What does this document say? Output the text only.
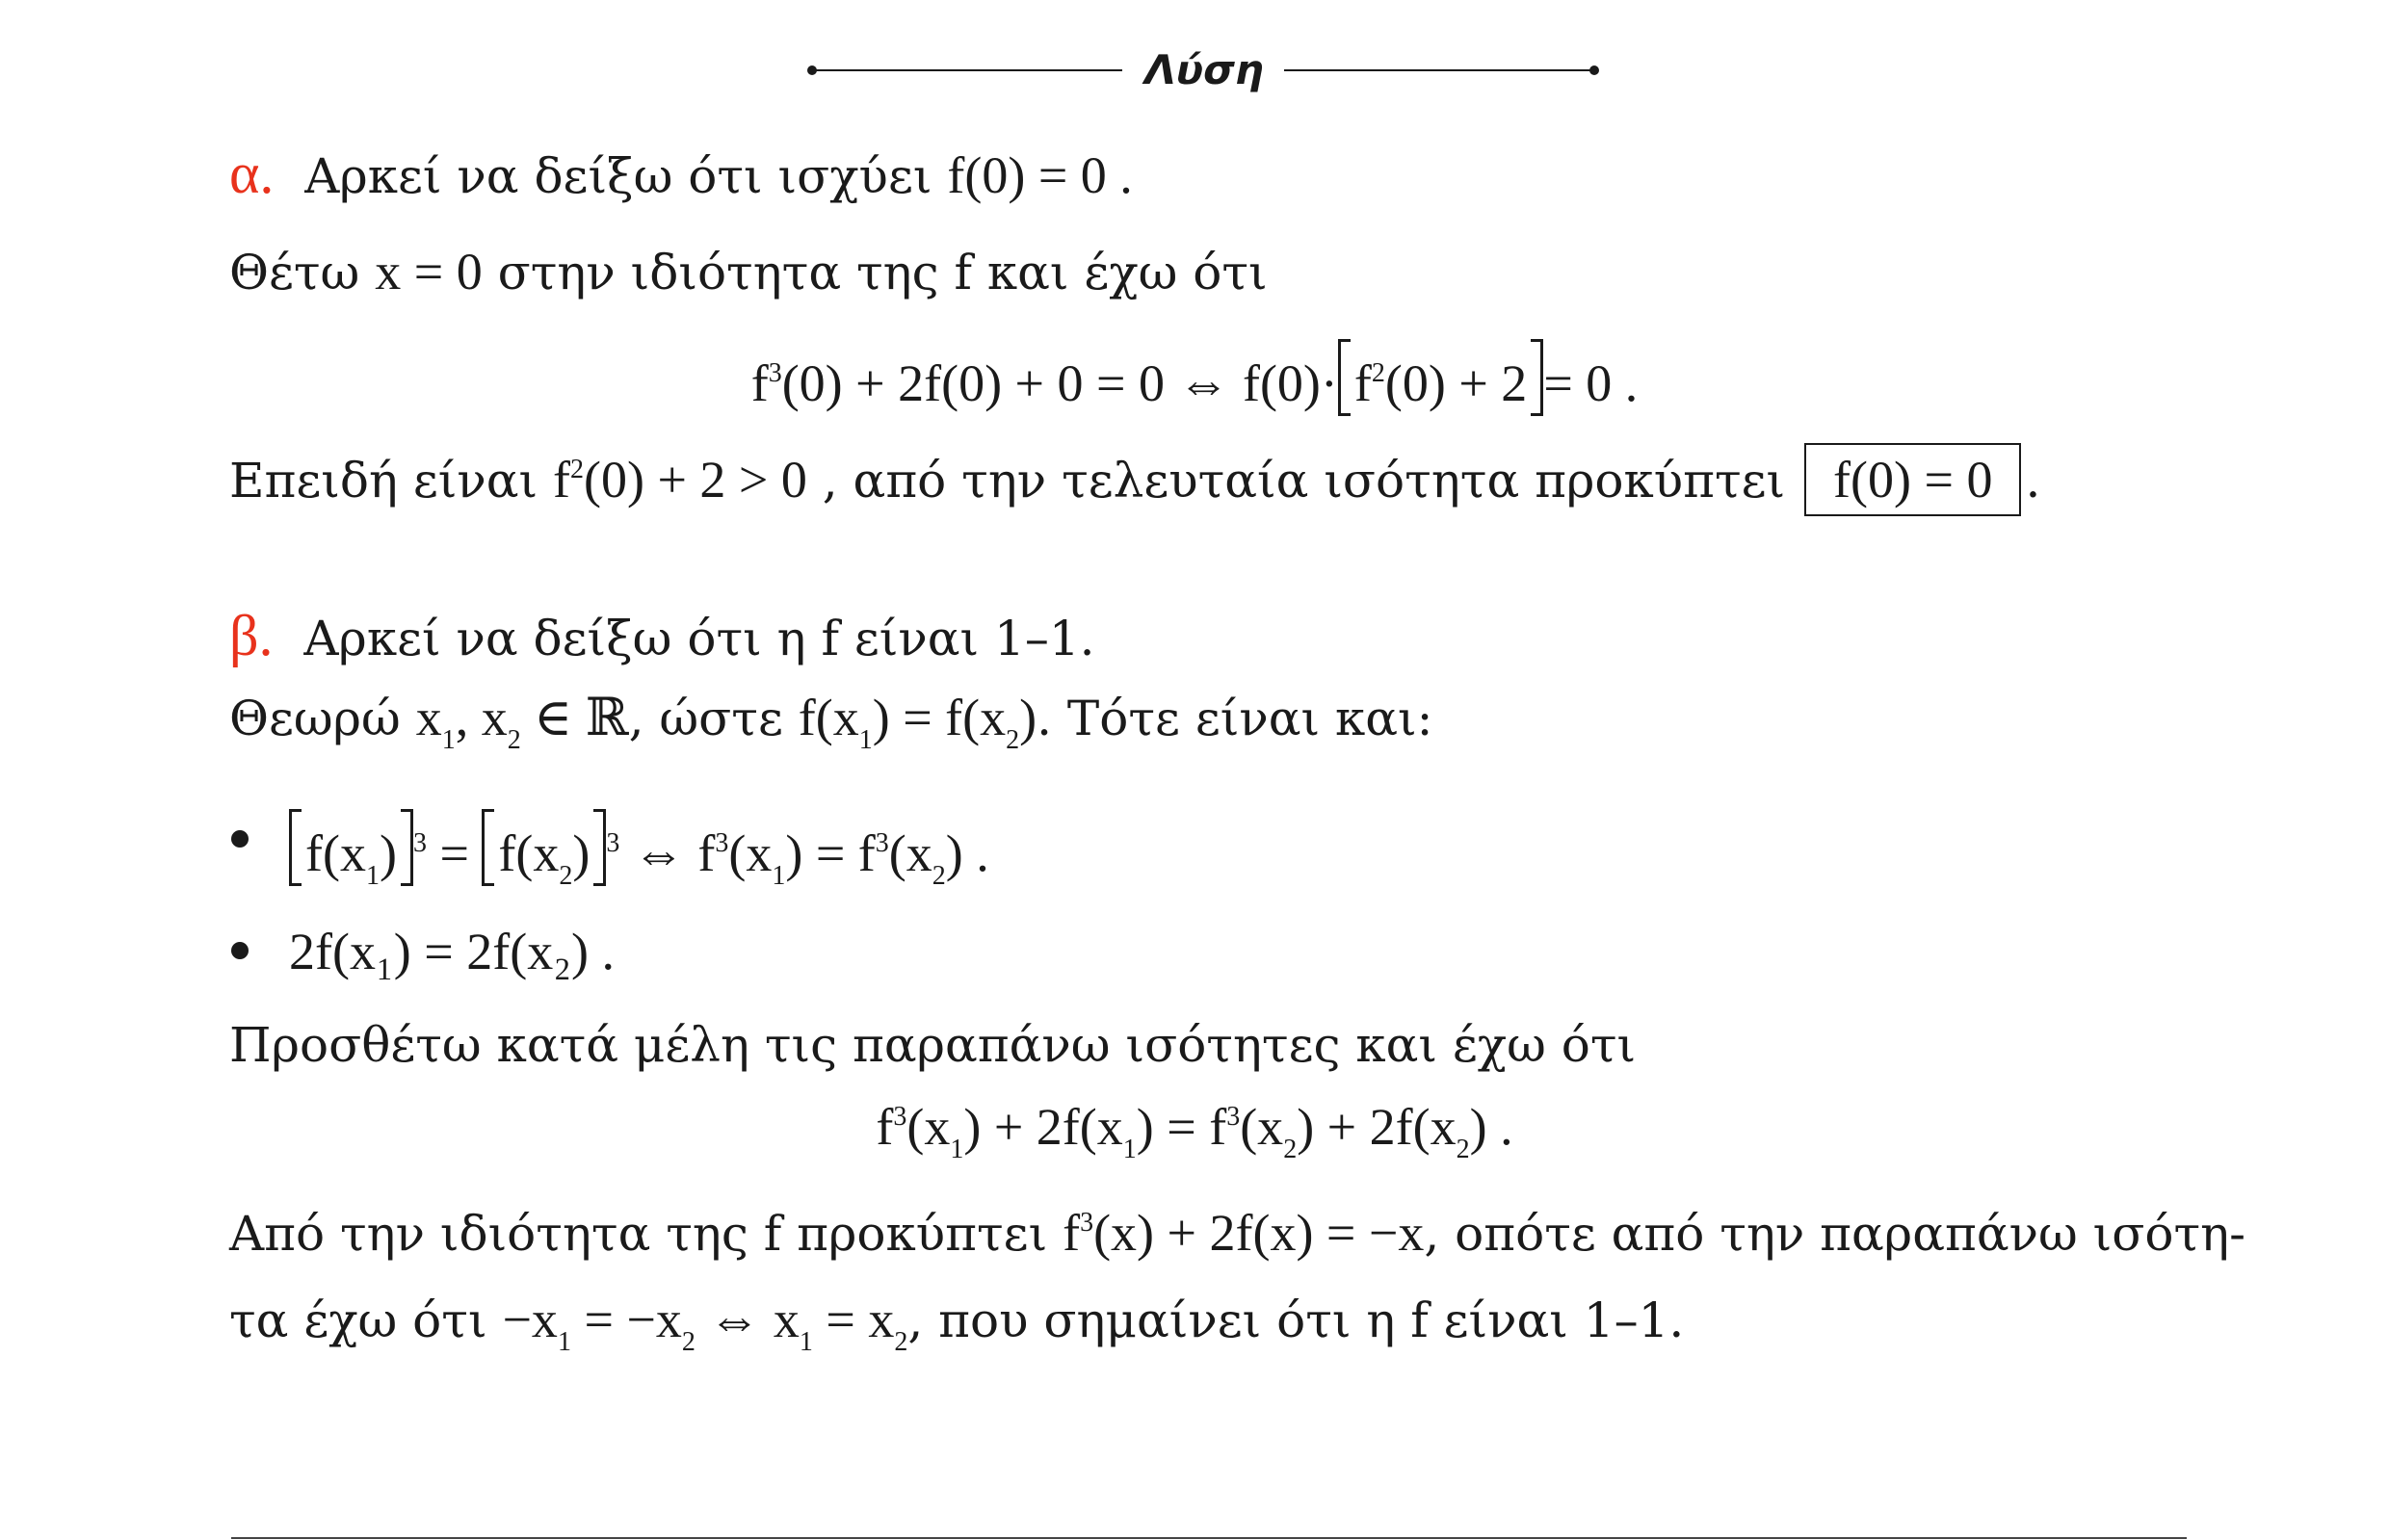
Λύση
α. Αρκεί να δείξω ότι ισχύει f(0) = 0 .
Θέτω x = 0 στην ιδιότητα της f και έχω ότι
$f^3(0) + 2f(0) + 0 = 0$ ⇔ $f(0)\cdot f^2(0) + 2 = 0$ .
Επειδή είναι $f^2(0) + 2 > 0$ , από την τελευταία ισότητα προκύπτει f(0) = 0 .
β. Αρκεί να δείξω ότι η f είναι 1–1.
Θεωρώ $x_1$, $x_2$ ∈ ℝ, ώστε $f(x_1) = f(x_2)$. Τότε είναι και:
$f(x_1) ^3 = f(x_2)$ $^3$ ⇔ $f^3(x_1) = f^3(x_2)$ .
2f(x₁) = 2f(x₂) .
Προσθέτω κατά μέλη τις παραπάνω ισότητες και έχω ότι
$f^3(x_1) + 2f(x_1) = f^3(x_2) + 2f(x_2)$ .
Από την ιδιότητα της f προκύπτει $f^3(x) + 2f(x) = -x$, οπότε από την παραπάνω ισότη-
τα έχω $ό\tau\iota -x_1 = -x_2$ ⇔ $x_1 = x_2$, που σημαίνει ότι η f είναι 1–1.
